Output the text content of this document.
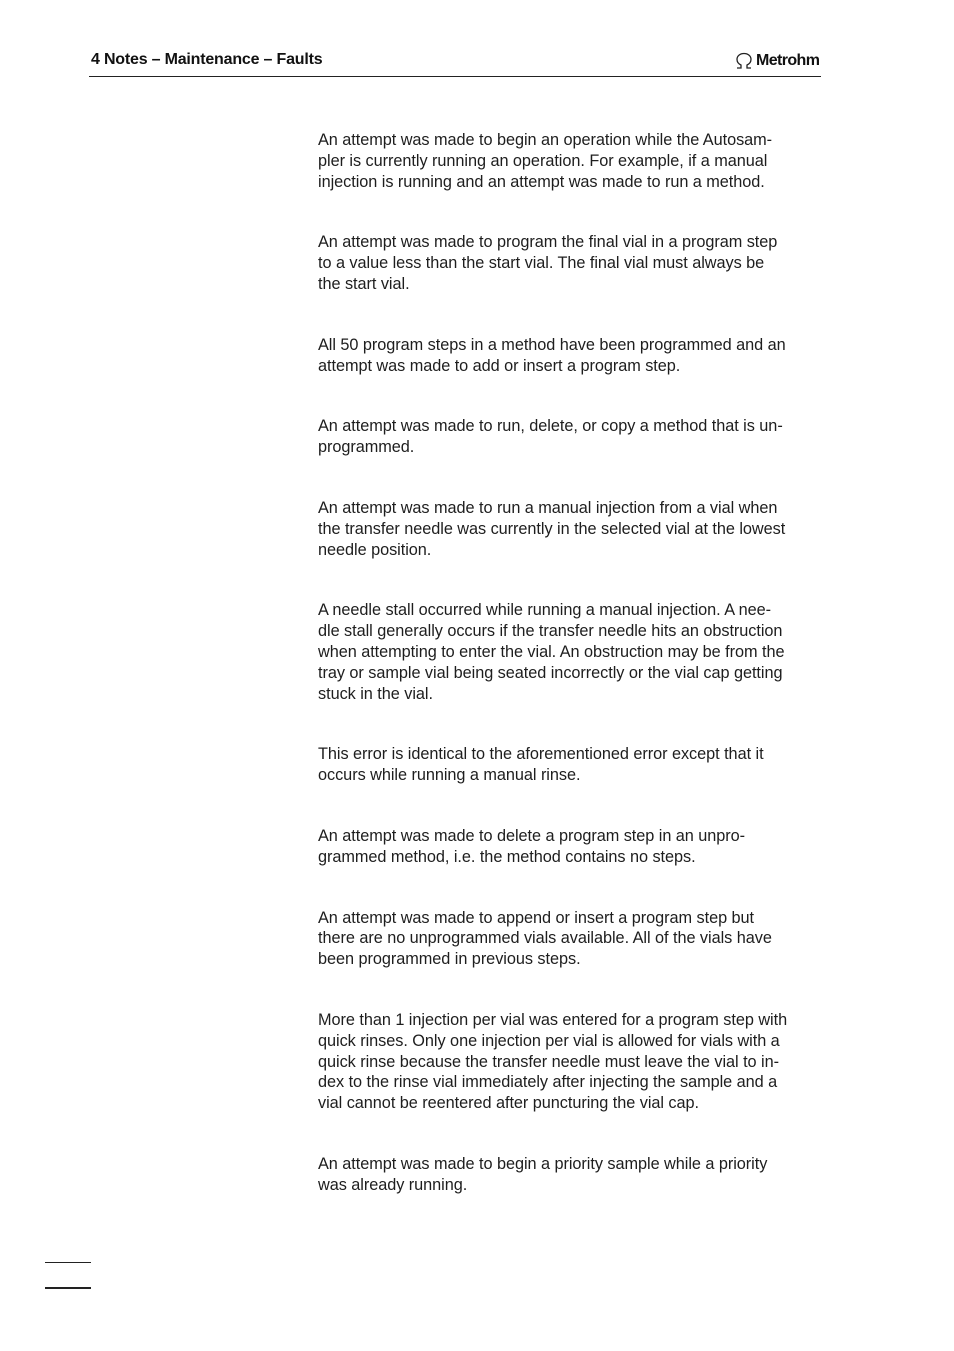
4 Notes – Maintenance – Faults	Metrohm

An attempt was made to begin an operation while the Autosam-
pler is currently running an operation. For example, if a manual
injection is running and an attempt was made to run a method.

An attempt was made to program the final vial in a program step
to a value less than the start vial. The final vial must always be
the start vial.

All 50 program steps in a method have been programmed and an
attempt was made to add or insert a program step.

An attempt was made to run, delete, or copy a method that is un-
programmed.

An attempt was made to run a manual injection from a vial when
the transfer needle was currently in the selected vial at the lowest
needle position.

A needle stall occurred while running a manual injection. A nee-
dle stall generally occurs if the transfer needle hits an obstruction
when attempting to enter the vial. An obstruction may be from the
tray or sample vial being seated incorrectly or the vial cap getting
stuck in the vial.

This error is identical to the aforementioned error except that it
occurs while running a manual rinse.

An attempt was made to delete a program step in an unpro-
grammed method, i.e. the method contains no steps.

An attempt was made to append or insert a program step but
there are no unprogrammed vials available. All of the vials have
been programmed in previous steps.

More than 1 injection per vial was entered for a program step with
quick rinses. Only one injection per vial is allowed for vials with a
quick rinse because the transfer needle must leave the vial to in-
dex to the rinse vial immediately after injecting the sample and a
vial cannot be reentered after puncturing the vial cap.

An attempt was made to begin a priority sample while a priority
was already running.
